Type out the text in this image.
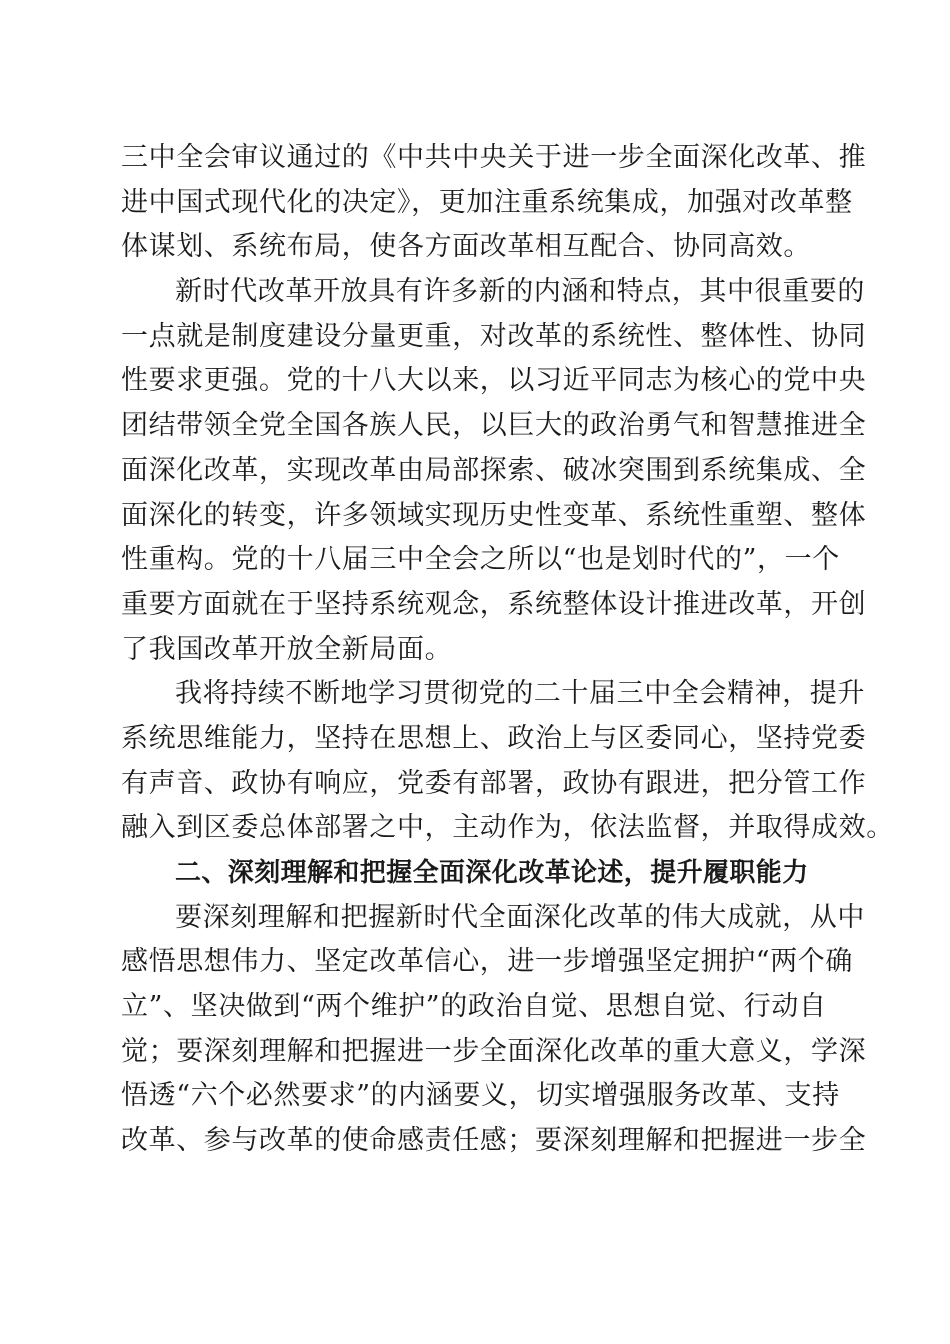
三中全会审议通过的《中共中央关于进一步全面深化改革、推
进中国式现代化的决定》，更加注重系统集成，加强对改革整
体谋划、系统布局，使各方面改革相互配合、协同高效。
新时代改革开放具有许多新的内涵和特点，其中很重要的
一点就是制度建设分量更重，对改革的系统性、整体性、协同
性要求更强。党的十八大以来，以习近平同志为核心的党中央
团结带领全党全国各族人民，以巨大的政治勇气和智慧推进全
面深化改革，实现改革由局部探索、破冰突围到系统集成、全
面深化的转变，许多领域实现历史性变革、系统性重塑、整体
性重构。党的十八届三中全会之所以“也是划时代的”，一个
重要方面就在于坚持系统观念，系统整体设计推进改革，开创
了我国改革开放全新局面。
我将持续不断地学习贯彻党的二十届三中全会精神，提升
系统思维能力，坚持在思想上、政治上与区委同心，坚持党委
有声音、政协有响应，党委有部署，政协有跟进，把分管工作
融入到区委总体部署之中，主动作为，依法监督，并取得成效。
二、深刻理解和把握全面深化改革论述，提升履职能力
要深刻理解和把握新时代全面深化改革的伟大成就，从中
感悟思想伟力、坚定改革信心，进一步增强坚定拥护“两个确
立”、坚决做到“两个维护”的政治自觉、思想自觉、行动自
觉；要深刻理解和把握进一步全面深化改革的重大意义，学深
悟透“六个必然要求”的内涵要义，切实增强服务改革、支持
改革、参与改革的使命感责任感；要深刻理解和把握进一步全
